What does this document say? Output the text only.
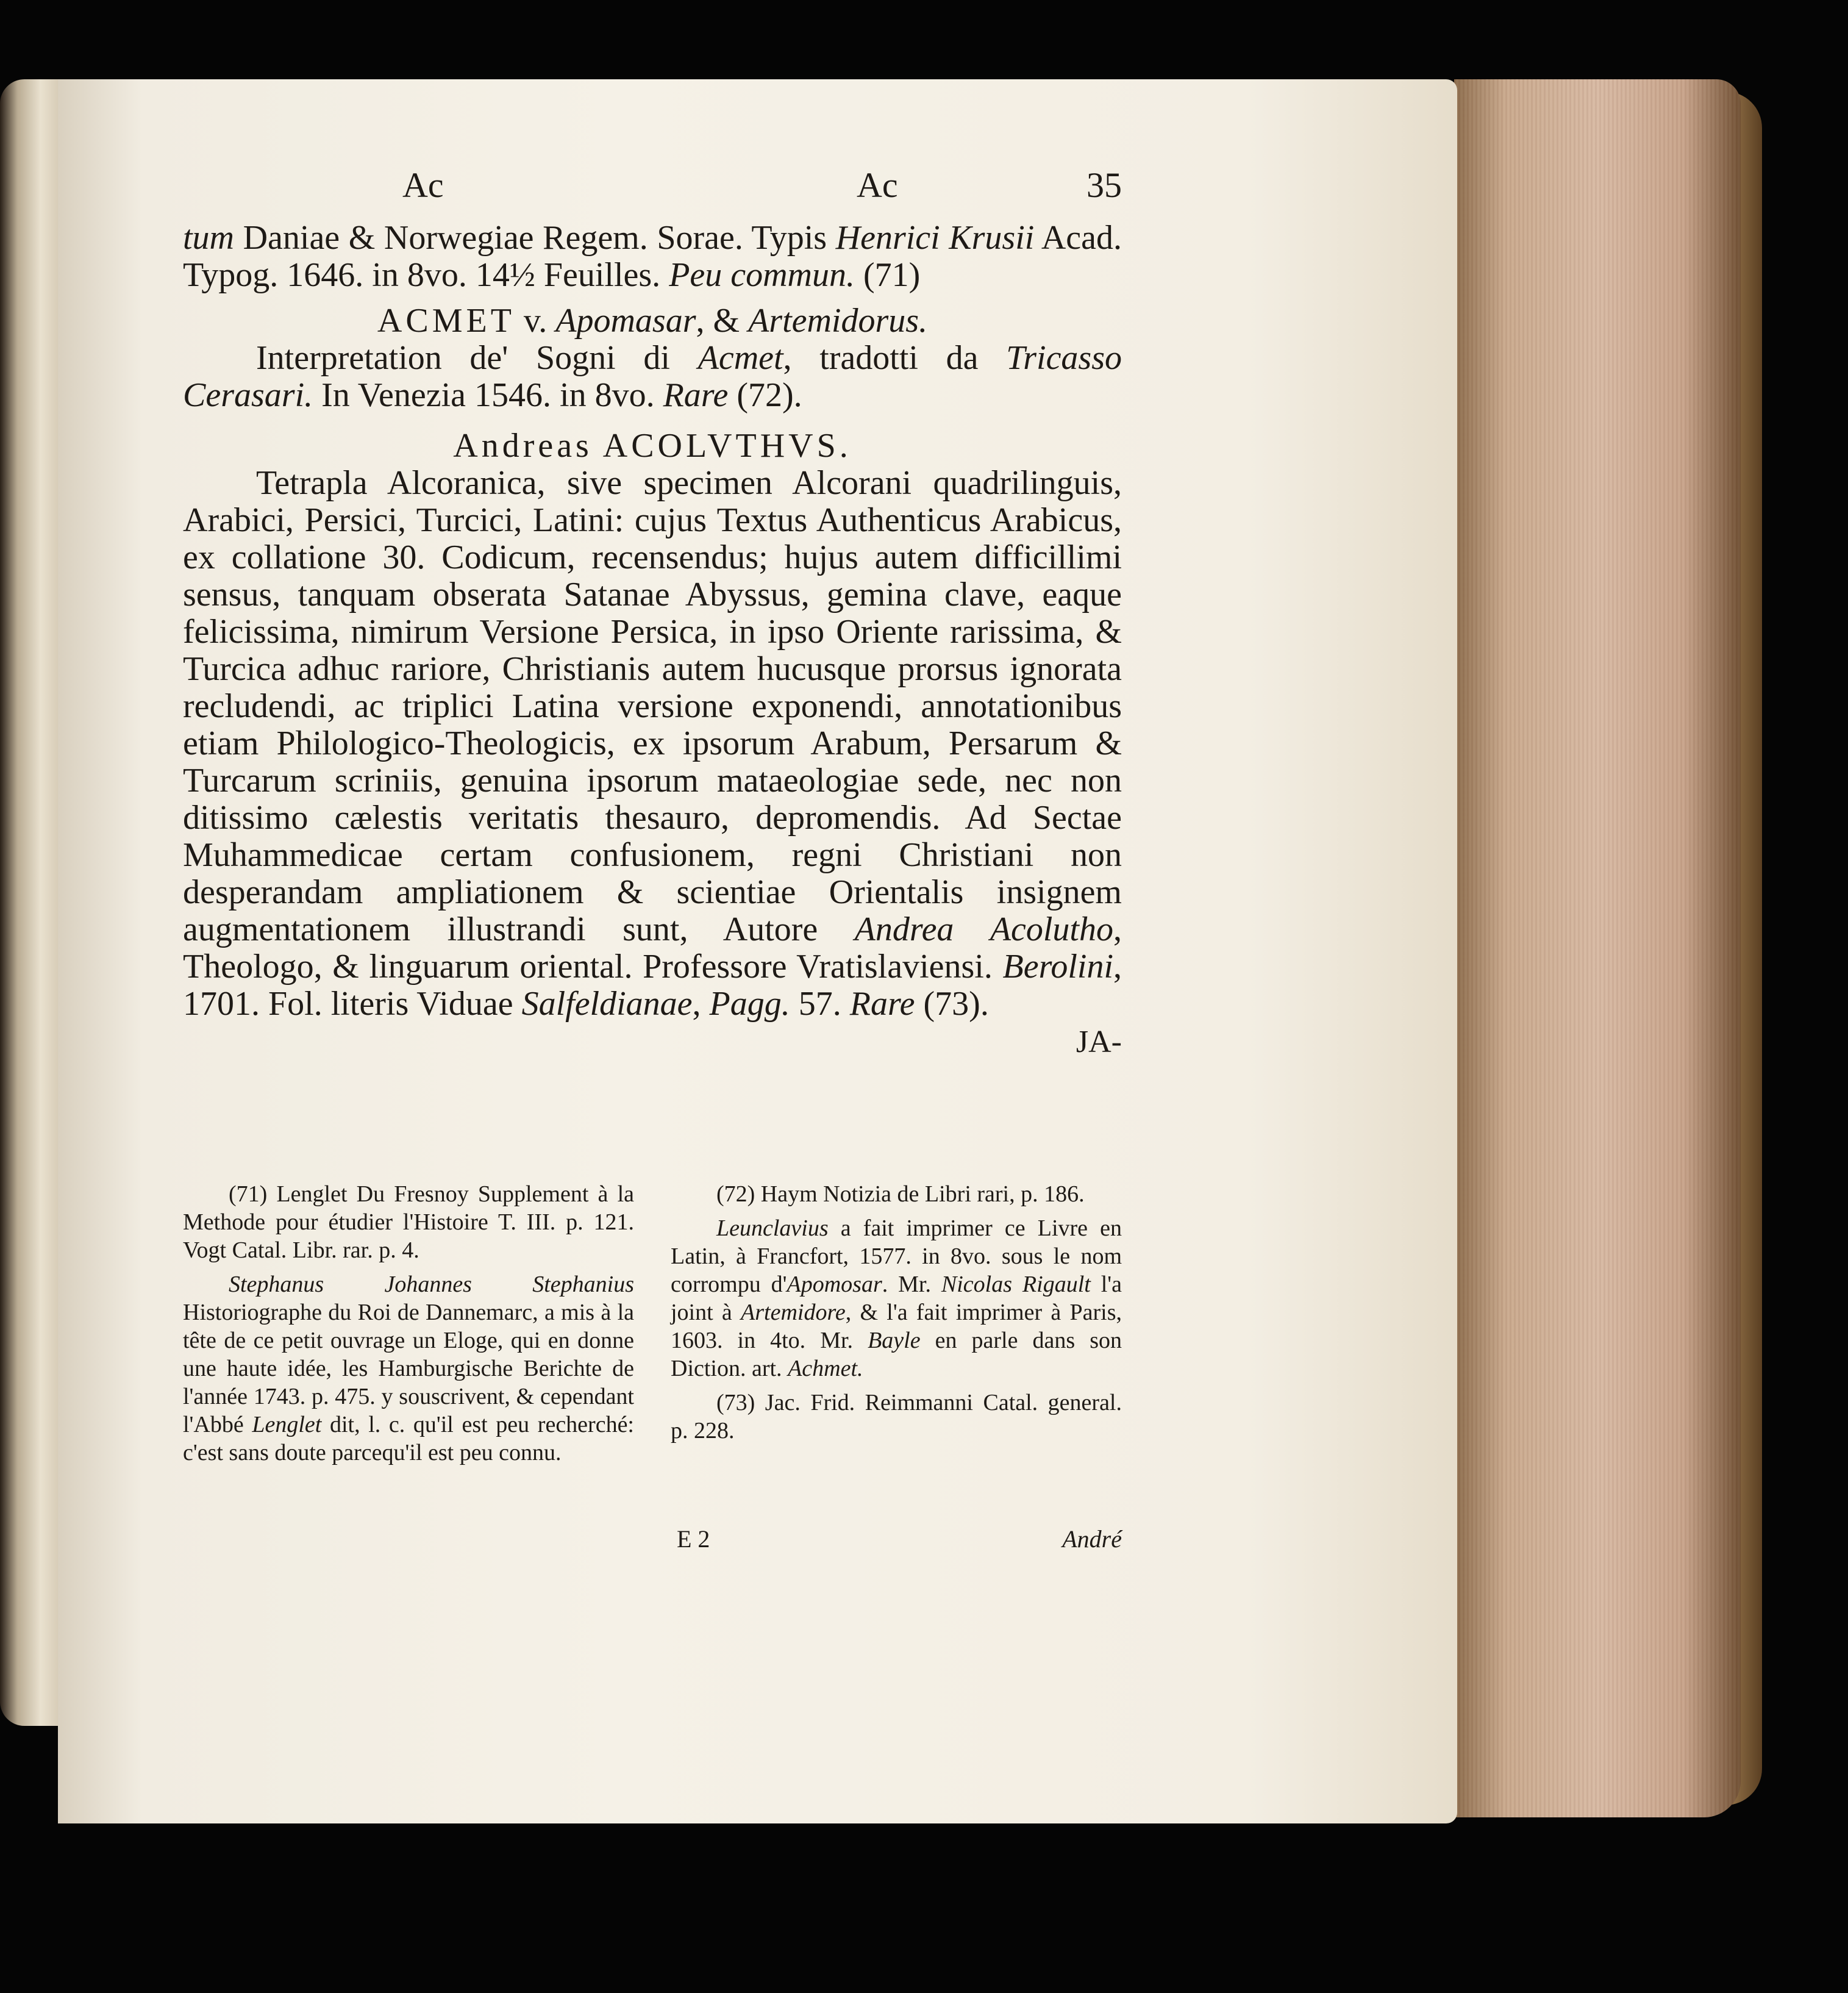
Ac	Ac	35

tum Daniae & Norwegiae Regem. Sorae. Typis Henrici Krusii Acad. Typog. 1646. in 8vo. 14½ Feuilles. Peu commun. (71)

ACMET v. Apomasar, & Artemidorus.

Interpretation de' Sogni di Acmet, tradotti da Tricasso Cerasari. In Venezia 1546. in 8vo. Rare (72).

Andreas ACOLVTHVS.

Tetrapla Alcoranica, sive specimen Alcorani quadrilinguis, Arabici, Persici, Turcici, Latini: cujus Textus Authenticus Arabicus, ex collatione 30. Codicum, recensendus; hujus autem difficillimi sensus, tanquam obserata Satanae Abyssus, gemina clave, eaque felicissima, nimirum Versione Persica, in ipso Oriente rarissima, & Turcica adhuc rariore, Christianis autem hucusque prorsus ignorata recludendi, ac triplici Latina versione exponendi, annotationibus etiam Philologico-Theologicis, ex ipsorum Arabum, Persarum & Turcarum scriniis, genuina ipsorum mataeologiae sede, nec non ditissimo cælestis veritatis thesauro, depromendis. Ad Sectae Muhammedicae certam confusionem, regni Christiani non desperandam ampliationem & scientiae Orientalis insignem augmentationem illustrandi sunt, Autore Andrea Acolutho, Theologo, & linguarum oriental. Professore Vratislaviensi. Berolini, 1701. Fol. literis Viduae Salfeldianae, Pagg. 57. Rare (73).

JA-

(71) Lenglet Du Fresnoy Supplement à la Methode pour étudier l'Histoire T. III. p. 121. Vogt Catal. Libr. rar. p. 4.

Stephanus Johannes Stephanius Historiographe du Roi de Dannemarc, a mis à la tête de ce petit ouvrage un Eloge, qui en donne une haute idée, les Hamburgische Berichte de l'année 1743. p. 475. y souscrivent, & cependant l'Abbé Lenglet dit, l. c. qu'il est peu recherché: c'est sans doute parcequ'il est peu connu.

(72) Haym Notizia de Libri rari, p. 186.

Leunclavius a fait imprimer ce Livre en Latin, à Francfort, 1577. in 8vo. sous le nom corrompu d'Apomosar. Mr. Nicolas Rigault l'a joint à Artemidore, & l'a fait imprimer à Paris, 1603. in 4to. Mr. Bayle en parle dans son Diction. art. Achmet.

(73) Jac. Frid. Reimmanni Catal. general. p. 228.

E 2	André
